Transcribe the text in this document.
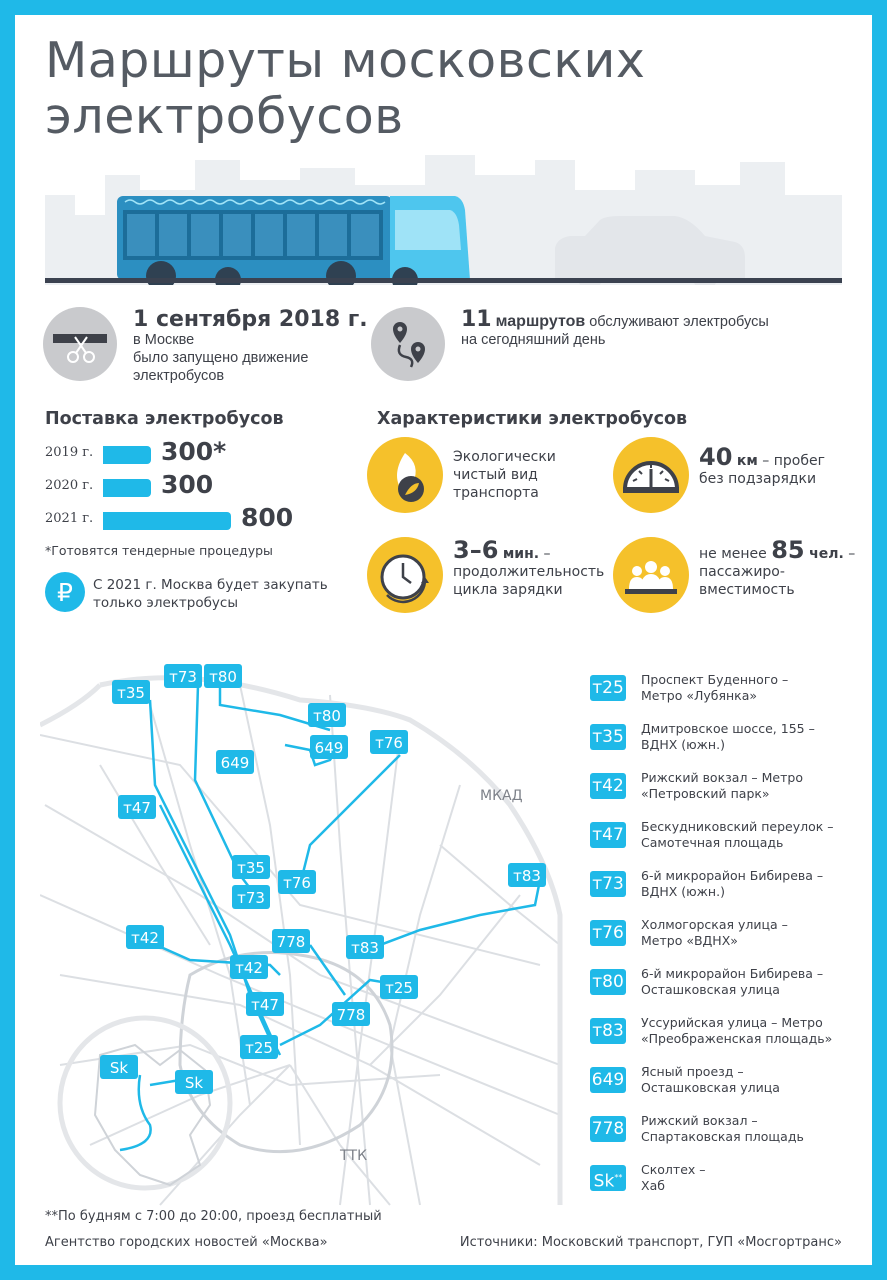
Маршруты московских
электробусов
1 сентября 2018 г. в Москве
было запущено движение
электробусов
11 маршрутов обслуживают электробусы
на сегодняшний день
Поставка электробусов
2019 г.	300*
2020 г.	300
2021 г.	800
*Готовятся тендерные процедуры
₽ С 2021 г. Москва будет закупать
только электробусы
Характеристики электробусов
Экологически
чистый вид
транспорта
40 км – пробег
без подзарядки
3–6 мин. –
продолжительность
цикла зарядки
не менее 85 чел. –
пассажиро-
вместимость
МКАД
ТТК
т35
т73 т80
т80
649
649 т76
т47
т35
т73
т76	т83
т42	778	т83
т42
т25
т47
778
т25
Sk
Sk
т25 Проспект Буденного –
Метро «Лубянка»
т35 Дмитровское шоссе, 155 –
ВДНХ (южн.)
т42 Рижский вокзал – Метро
«Петровский парк»
т47 Бескудниковский переулок –
Самотечная площадь
т73 6-й микрорайон Бибирева –
ВДНХ (южн.)
т76 Холмогорская улица –
Метро «ВДНХ»
т80 6-й микрорайон Бибирева –
Осташковская улица
т83 Уссурийская улица – Метро
«Преображенская площадь»
649 Ясный проезд –
Осташковская улица
778 Рижский вокзал –
Спартаковская площадь
Sk**
Сколтех –
Хаб
**По будням с 7:00 до 20:00, проезд бесплатный
Агентство городских новостей «Москва»	Источники: Московский транспорт, ГУП «Мосгортранс»
